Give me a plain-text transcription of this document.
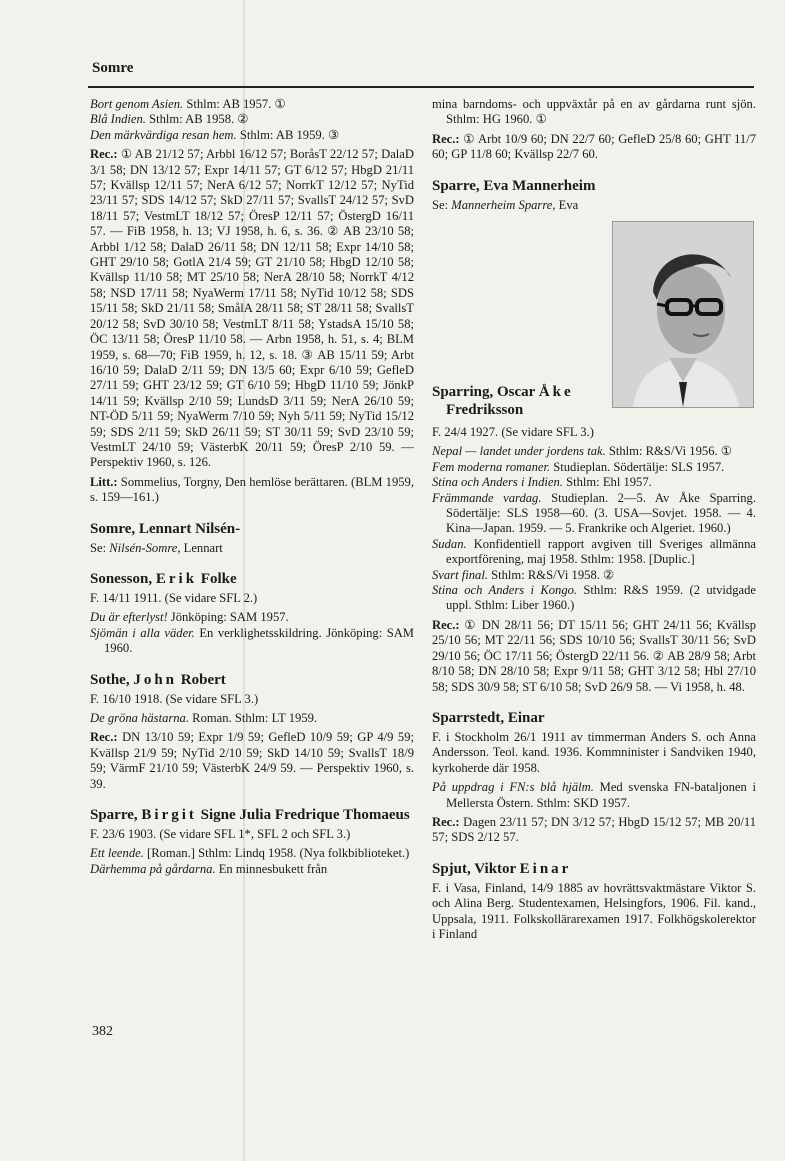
Somre
Bort genom Asien. Sthlm: AB 1957. ①
Blå Indien. Sthlm: AB 1958. ②
Den märkvärdiga resan hem. Sthlm: AB 1959. ③
Rec.: ① AB 21/12 57; Arbbl 16/12 57; BoråsT 22/12 57; DalaD 3/1 58; DN 13/12 57; Expr 14/11 57; GT 6/12 57; HbgD 21/11 57; Kvällsp 12/11 57; NerA 6/12 57; NorrkT 12/12 57; NyTid 23/11 57; SDS 14/12 57; SkD 27/11 57; SvallsT 24/12 57; SvD 18/11 57; VestmLT 18/12 57; ÖresP 12/11 57; ÖstergD 16/11 57. — FiB 1958, h. 13; VJ 1958, h. 6, s. 36. ② AB 23/10 58; Arbbl 1/12 58; DalaD 26/11 58; DN 12/11 58; Expr 14/10 58; GHT 29/10 58; GotlA 21/4 59; GT 21/10 58; HbgD 12/10 58; Kvällsp 11/10 58; MT 25/10 58; NerA 28/10 58; NorrkT 4/12 58; NSD 17/11 58; NyaWerm 17/11 58; NyTid 10/12 58; SDS 15/11 58; SkD 21/11 58; SmålA 28/11 58; ST 28/11 58; SvallsT 20/12 58; SvD 30/10 58; VestmLT 8/11 58; YstadsA 15/10 58; ÖC 13/11 58; ÖresP 11/10 58. — Arbn 1958, h. 51, s. 4; BLM 1959, s. 68—70; FiB 1959, h. 12, s. 18. ③ AB 15/11 59; Arbt 16/10 59; DalaD 2/11 59; DN 13/5 60; Expr 6/10 59; GefleD 27/11 59; GHT 23/12 59; GT 6/10 59; HbgD 11/10 59; JönkP 14/11 59; Kvällsp 2/10 59; LundsD 3/11 59; NerA 26/10 59; NT-ÖD 5/11 59; NyaWerm 7/10 59; Nyh 5/11 59; NyTid 15/12 59; SDS 2/11 59; SkD 26/11 59; ST 30/11 59; SvD 23/10 59; VestmLT 24/10 59; VästerbK 20/11 59; ÖresP 2/10 59. — Perspektiv 1960, s. 126.
Litt.: Sommelius, Torgny, Den hemlöse berättaren. (BLM 1959, s. 159—161.)
Somre, Lennart Nilsén-
Se: Nilsén-Somre, Lennart
Sonesson, Erik Folke
F. 14/11 1911. (Se vidare SFL 2.)
Du är efterlyst! Jönköping: SAM 1957.
Sjömän i alla väder. En verklighetsskildring. Jönköping: SAM 1960.
Sothe, John Robert
F. 16/10 1918. (Se vidare SFL 3.)
De gröna hästarna. Roman. Sthlm: LT 1959.
Rec.: DN 13/10 59; Expr 1/9 59; GefleD 10/9 59; GP 4/9 59; Kvällsp 21/9 59; NyTid 2/10 59; SkD 14/10 59; SvallsT 18/9 59; VärmF 21/10 59; VästerbK 24/9 59. — Perspektiv 1960, s. 39.
Sparre, Birgit Signe Julia Fredrique Thomaeus
F. 23/6 1903. (Se vidare SFL 1*, SFL 2 och SFL 3.)
Ett leende. [Roman.] Sthlm: Lindq 1958. (Nya folkbiblioteket.)
Därhemma på gårdarna. En minnesbukett från
mina barndoms- och uppväxtår på en av gårdarna runt sjön. Sthlm: HG 1960. ①
Rec.: ① Arbt 10/9 60; DN 22/7 60; GefleD 25/8 60; GHT 11/7 60; GP 11/8 60; Kvällsp 22/7 60.
Sparre, Eva Mannerheim
Se: Mannerheim Sparre, Eva
Sparring, Oscar Åke
Fredriksson
F. 24/4 1927. (Se vidare SFL 3.)
Nepal — landet under jordens tak. Sthlm: R&S/Vi 1956. ①
Fem moderna romaner. Studieplan. Södertälje: SLS 1957.
Stina och Anders i Indien. Sthlm: Ehl 1957.
Främmande vardag. Studieplan. 2—5. Av Åke Sparring. Södertälje: SLS 1958—60. (3. USA—Sovjet. 1958. — 4. Kina—Japan. 1959. — 5. Frankrike och Algeriet. 1960.)
Sudan. Konfidentiell rapport avgiven till Sveriges allmänna exportförening, maj 1958. Sthlm: 1958. [Duplic.]
Svart final. Sthlm: R&S/Vi 1958. ②
Stina och Anders i Kongo. Sthlm: R&S 1959. (2 utvidgade uppl. Sthlm: Liber 1960.)
Rec.: ① DN 28/11 56; DT 15/11 56; GHT 24/11 56; Kvällsp 25/10 56; MT 22/11 56; SDS 10/10 56; SvallsT 30/11 56; SvD 29/10 56; ÖC 17/11 56; ÖstergD 22/11 56. ② AB 28/9 58; Arbt 8/10 58; DN 28/10 58; Expr 9/11 58; GHT 3/12 58; Hbl 27/10 58; SDS 30/9 58; ST 6/10 58; SvD 26/9 58. — Vi 1958, h. 48.
Sparrstedt, Einar
F. i Stockholm 26/1 1911 av timmerman Anders S. och Anna Andersson. Teol. kand. 1936. Kommninister i Sandviken 1940, kyrkoherde där 1958.
På uppdrag i FN:s blå hjälm. Med svenska FN-bataljonen i Mellersta Östern. Sthlm: SKD 1957.
Rec.: Dagen 23/11 57; DN 3/12 57; HbgD 15/12 57; MB 20/11 57; SDS 2/12 57.
Spjut, Viktor Einar
F. i Vasa, Finland, 14/9 1885 av hovrättsvaktmästare Viktor S. och Alina Berg. Studentexamen, Helsingfors, 1906. Fil. kand., Uppsala, 1911. Folkskollärarexamen 1917. Folkhögskolerektor i Finland
382
